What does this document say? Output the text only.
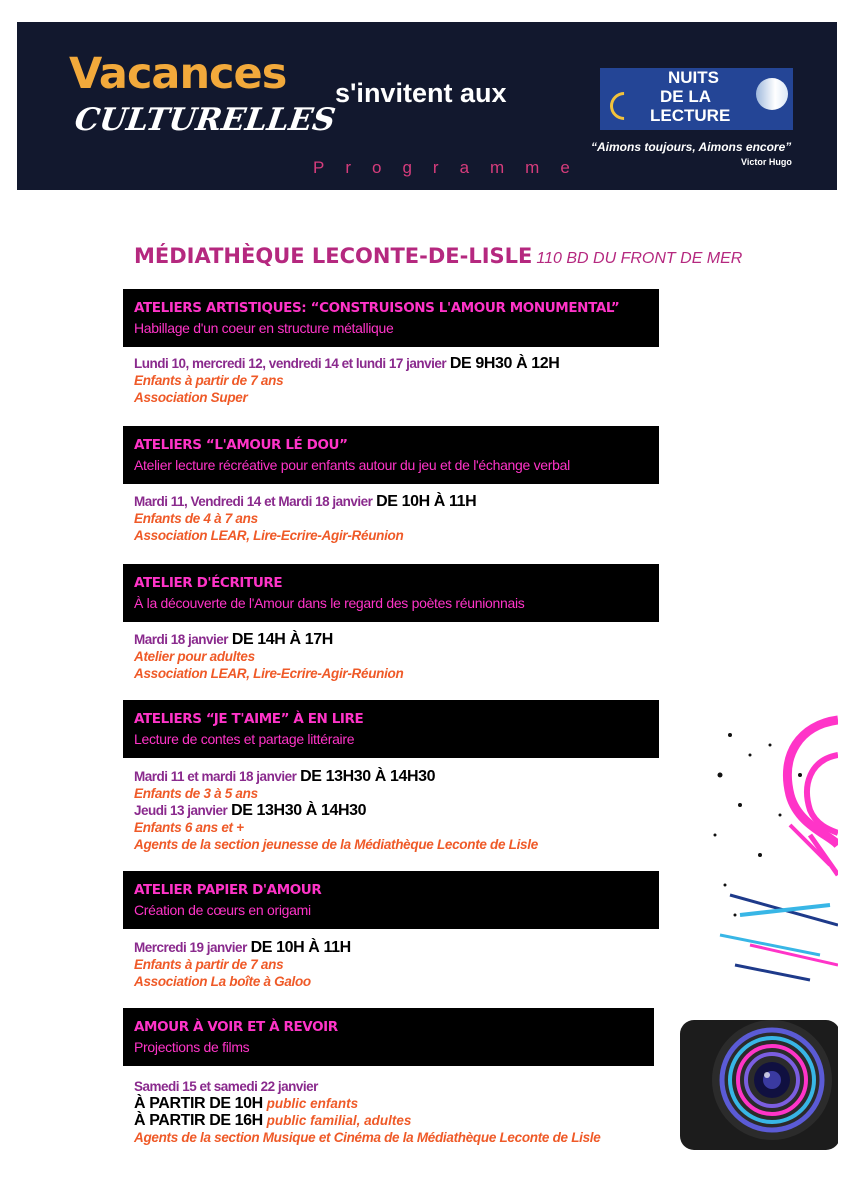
Vacances
CULTURELLES
s'invitent aux
Programme
NUITS
DE LA
LECTURE
“Aimons toujours, Aimons encore”
Victor Hugo
MÉDIATHÈQUE LECONTE-DE-LISLE 110 BD DU FRONT DE MER
ATELIERS ARTISTIQUES: “CONSTRUISONS L'AMOUR MONUMENTAL”
Habillage d'un coeur en structure métallique
Lundi 10, mercredi 12, vendredi 14 et lundi 17 janvier DE 9H30 À 12H
Enfants à partir de 7 ans
Association Super
ATELIERS “L'AMOUR LÉ DOU”
Atelier lecture récréative pour enfants autour du jeu et de l'échange verbal
Mardi 11, Vendredi 14 et Mardi 18 janvier DE 10H À 11H
Enfants de 4 à 7 ans
Association LEAR, Lire-Ecrire-Agir-Réunion
ATELIER D'ÉCRITURE
À la découverte de l'Amour dans le regard des poètes réunionnais
Mardi 18 janvier DE 14H À 17H
Atelier pour adultes
Association LEAR, Lire-Ecrire-Agir-Réunion
ATELIERS “JE T'AIME” À EN LIRE
Lecture de contes et partage littéraire
Mardi 11 et mardi 18 janvier DE 13H30 À 14H30
Enfants de 3 à 5 ans
Jeudi 13 janvier DE 13H30 À 14H30
Enfants 6 ans et +
Agents de la section jeunesse de la Médiathèque Leconte de Lisle
ATELIER PAPIER D'AMOUR
Création de cœurs en origami
Mercredi 19 janvier DE 10H À 11H
Enfants à partir de 7 ans
Association La boîte à Galoo
AMOUR À VOIR ET À REVOIR
Projections de films
Samedi 15 et samedi 22 janvier
À PARTIR DE 10H public enfants
À PARTIR DE 16H public familial, adultes
Agents de la section Musique et Cinéma de la Médiathèque Leconte de Lisle
